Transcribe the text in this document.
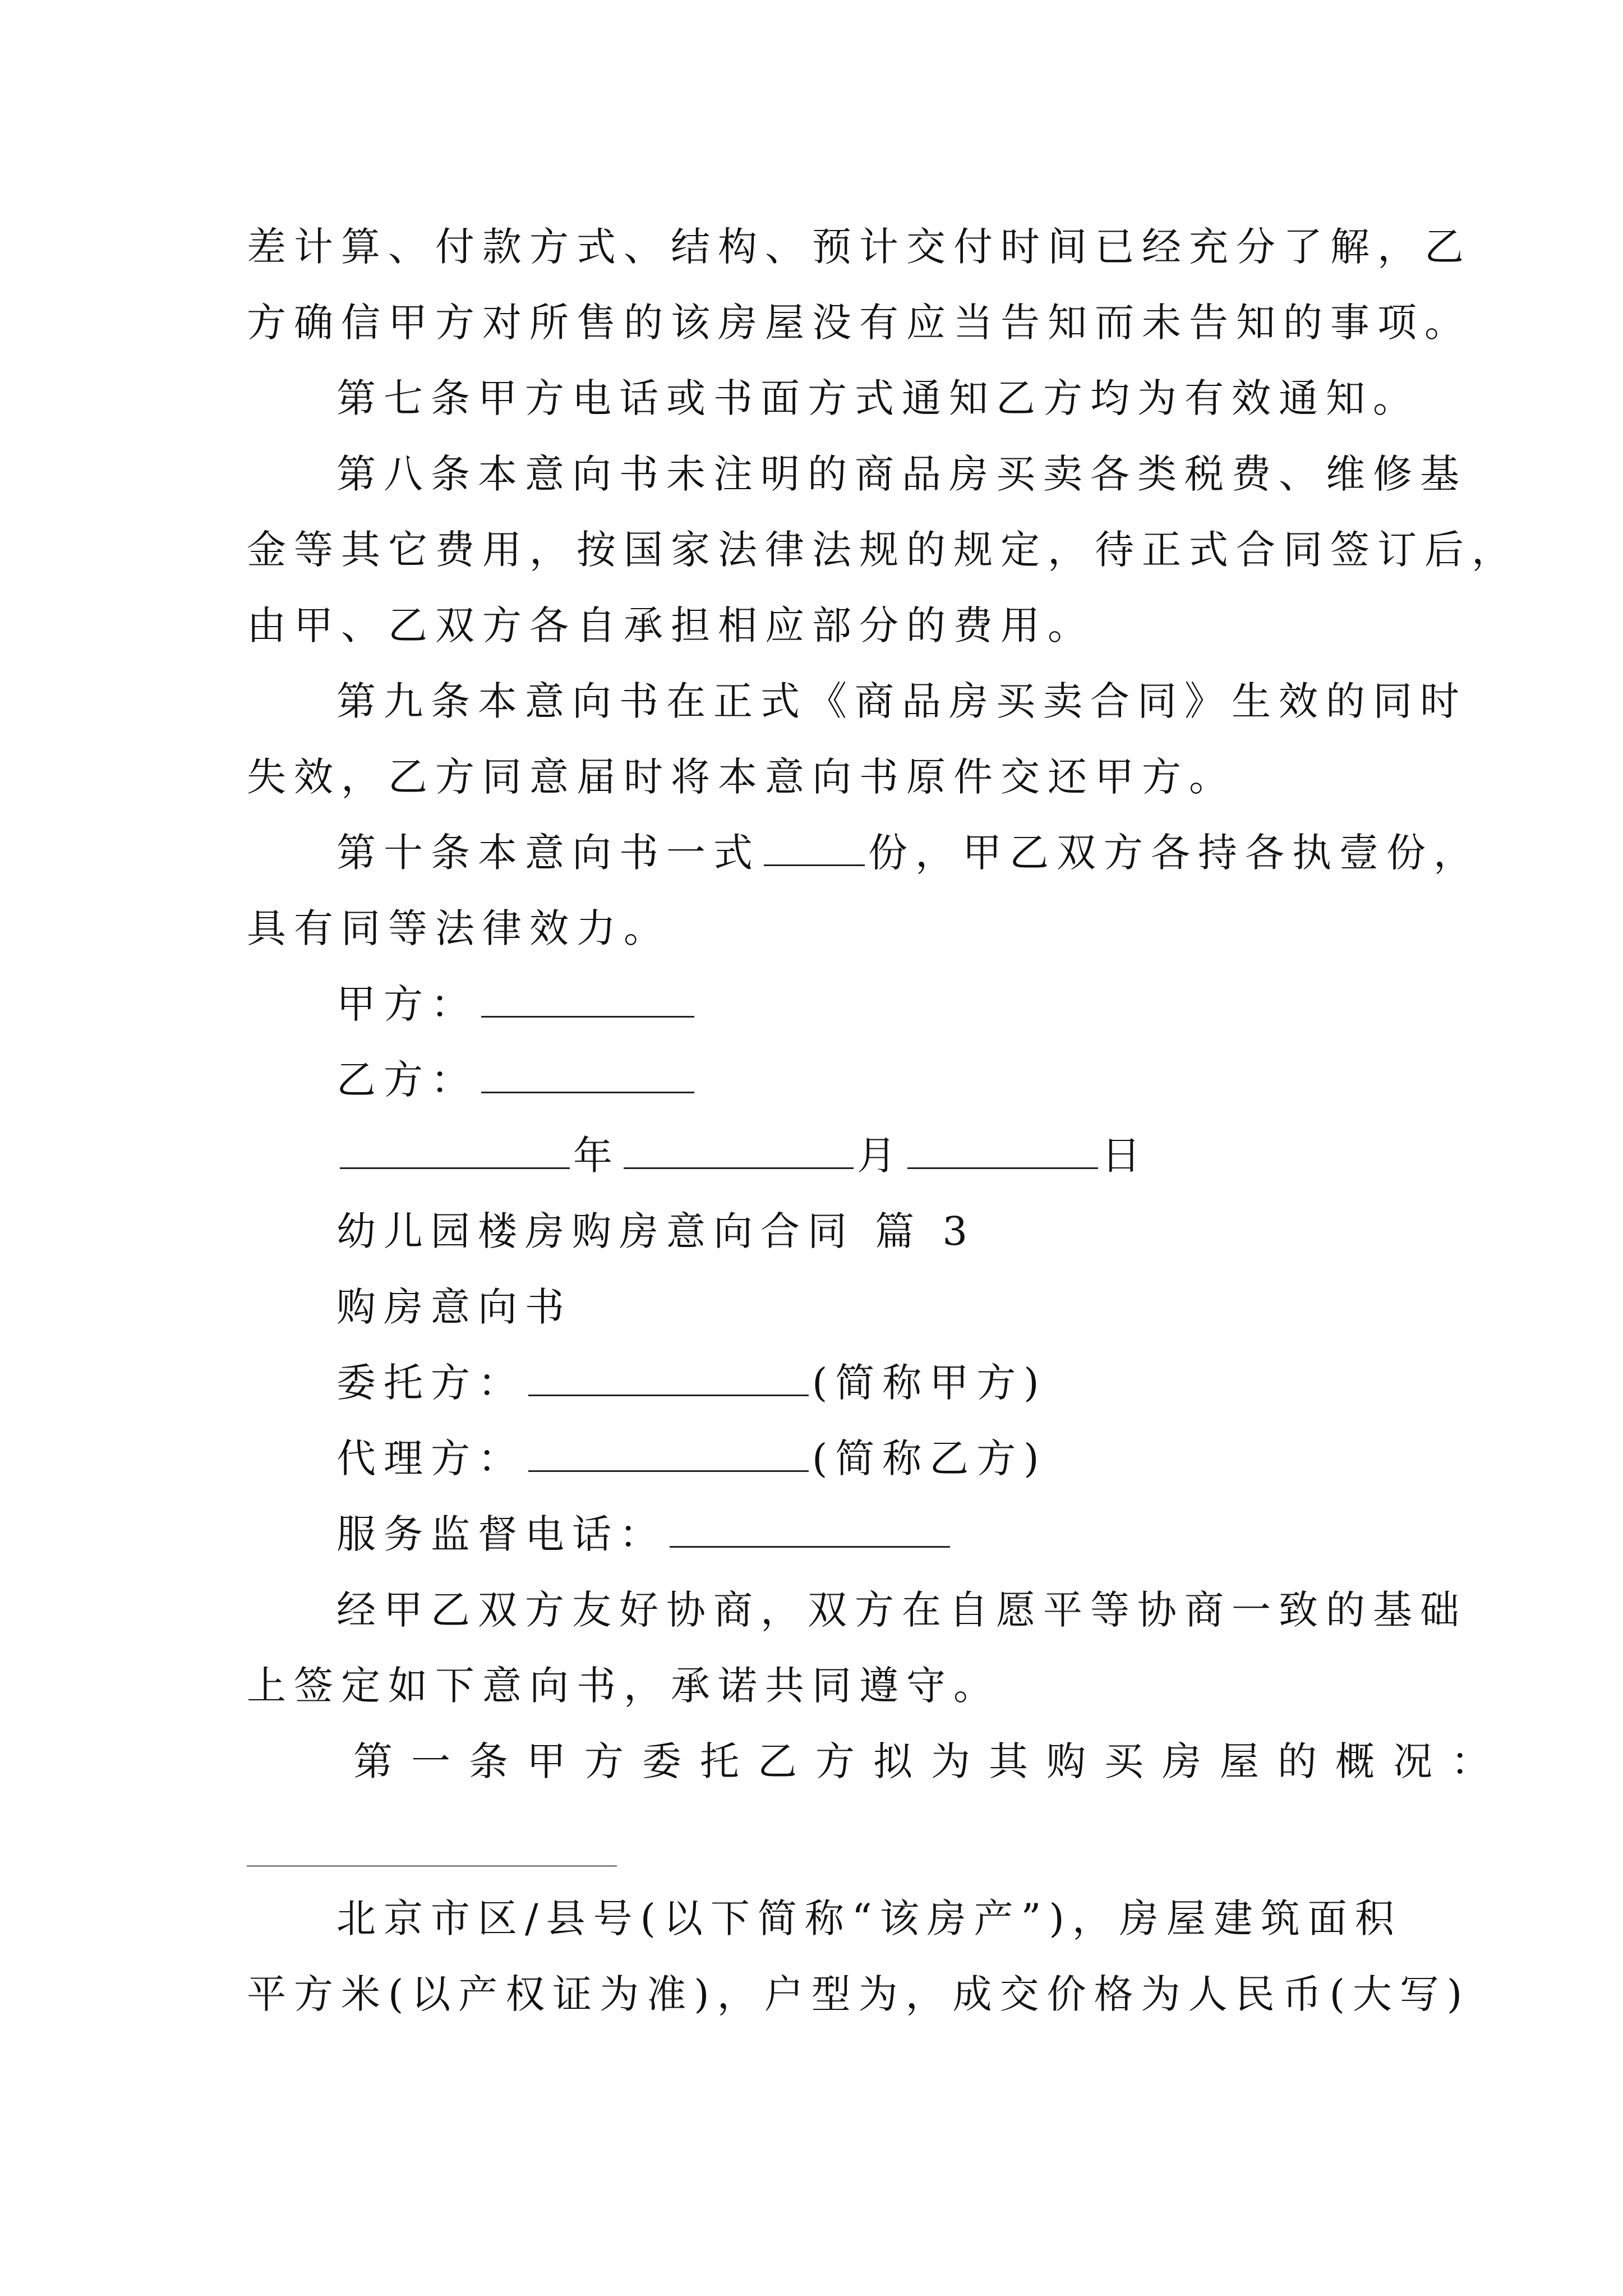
差计算、付款方式、结构、预计交付时间已经充分了解，乙
方确信甲方对所售的该房屋没有应当告知而未告知的事项。
第七条甲方电话或书面方式通知乙方均为有效通知。
第八条本意向书未注明的商品房买卖各类税费、维修基
金等其它费用，按国家法律法规的规定，待正式合同签订后，
由甲、乙双方各自承担相应部分的费用。
第九条本意向书在正式《商品房买卖合同》生效的同时
失效，乙方同意届时将本意向书原件交还甲方。
第十条本意向书一式	份，甲乙双方各持各执壹份，
具有同等法律效力。
甲方：
乙方：
年	月	日
幼儿园楼房购房意向合同 篇 3
购房意向书
委托方：	(简称甲方)
代理方：	(简称乙方)
服务监督电话：
经甲乙双方友好协商，双方在自愿平等协商一致的基础
上签定如下意向书，承诺共同遵守。
第一条甲方委托乙方拟为其购买房屋的概况：
北京市区/县号(以下简称“该房产”)，房屋建筑面积
平方米(以产权证为准)，户型为，成交价格为人民币(大写)
